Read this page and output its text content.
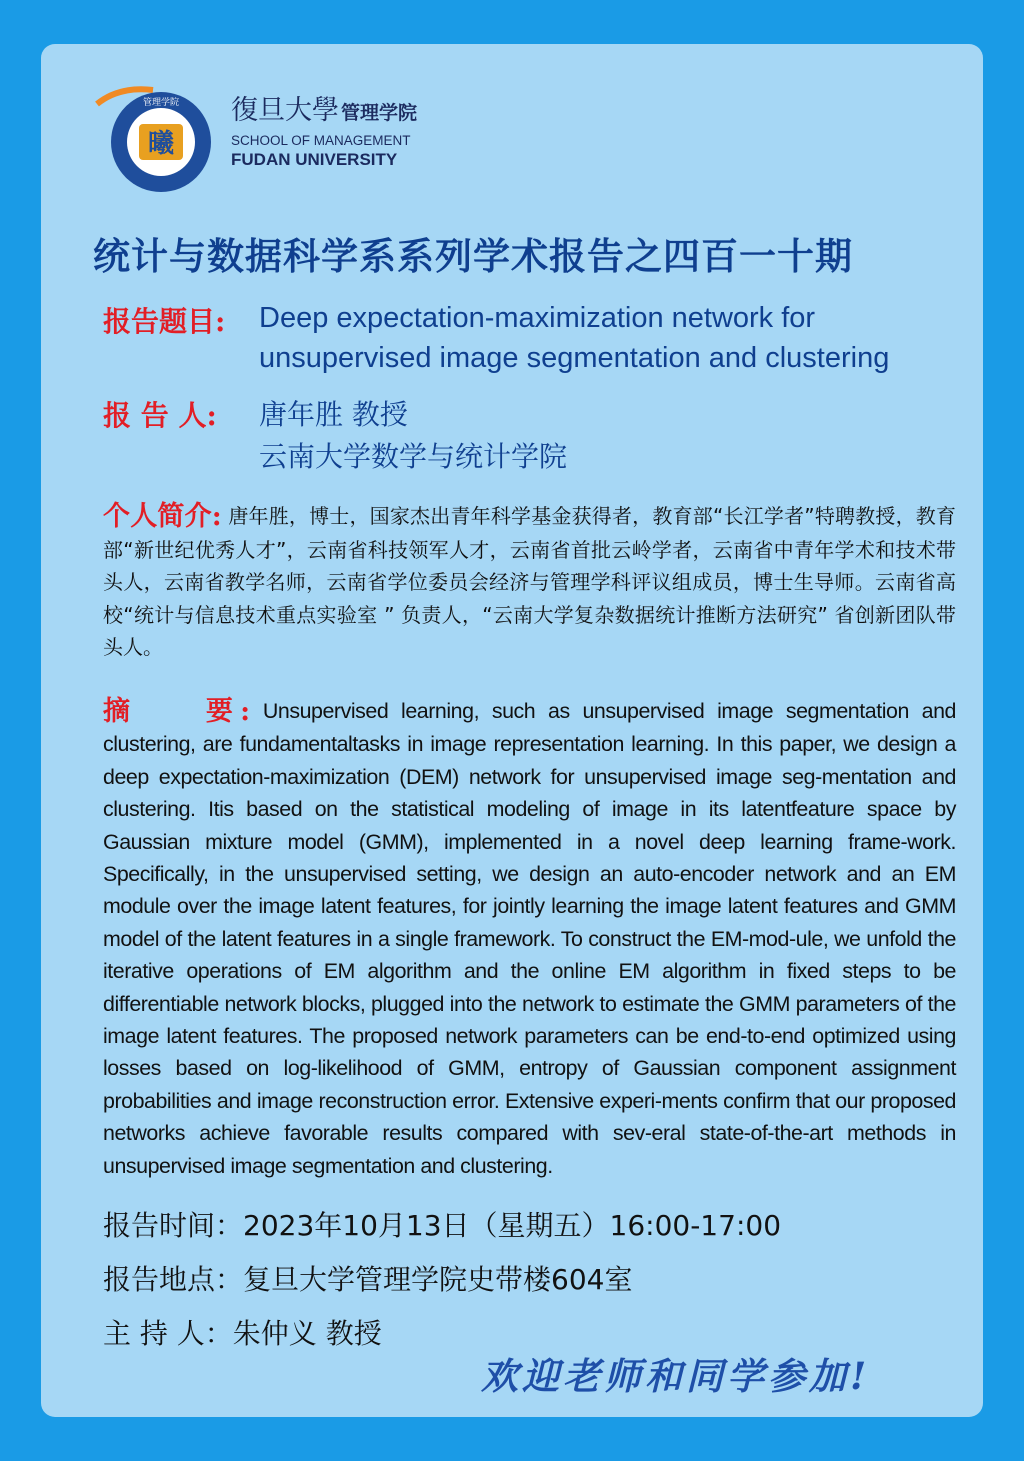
曦
管理学院 復旦大學 管理学院
SCHOOL OF MANAGEMENT
FUDAN UNIVERSITY
统计与数据科学系系列学术报告之四百一十期
报告题目: Deep expectation-maximization network for unsupervised image segmentation and clustering
报 告 人: 唐年胜 教授
云南大学数学与统计学院
个人简介: 唐年胜，博士，国家杰出青年科学基金获得者，教育部“长江学者”特聘教授，教育部“新世纪优秀人才”，云南省科技领军人才，云南省首批云岭学者，云南省中青年学术和技术带头人，云南省教学名师，云南省学位委员会经济与管理学科评议组成员，博士生导师。云南省高校“统计与信息技术重点实验室 ” 负责人，“云南大学复杂数据统计推断方法研究” 省创新团队带头人。
摘　　要: Unsupervised learning, such as unsupervised image segmentation and clustering, are fundamentaltasks in image representation learning. In this paper, we design a deep expectation-maximization (DEM) network for unsupervised image seg-mentation and clustering. Itis based on the statistical modeling of image in its latentfeature space by Gaussian mixture model (GMM), implemented in a novel deep learning frame-work. Specifically, in the unsupervised setting, we design an auto-encoder network and an EM module over the image latent features, for jointly learning the image latent features and GMM model of the latent features in a single framework. To construct the EM-mod-ule, we unfold the iterative operations of EM algorithm and the online EM algorithm in fixed steps to be differentiable network blocks, plugged into the network to estimate the GMM parameters of the image latent features. The proposed network parameters can be end-to-end optimized using losses based on log-likelihood of GMM, entropy of Gaussian component assignment probabilities and image reconstruction error. Extensive experi-ments confirm that our proposed networks achieve favorable results compared with sev-eral state-of-the-art methods in unsupervised image segmentation and clustering.
报告时间：2023年10月13日（星期五）16:00-17:00
报告地点：复旦大学管理学院史带楼604室
主 持 人：朱仲义 教授
欢迎老师和同学参加!
